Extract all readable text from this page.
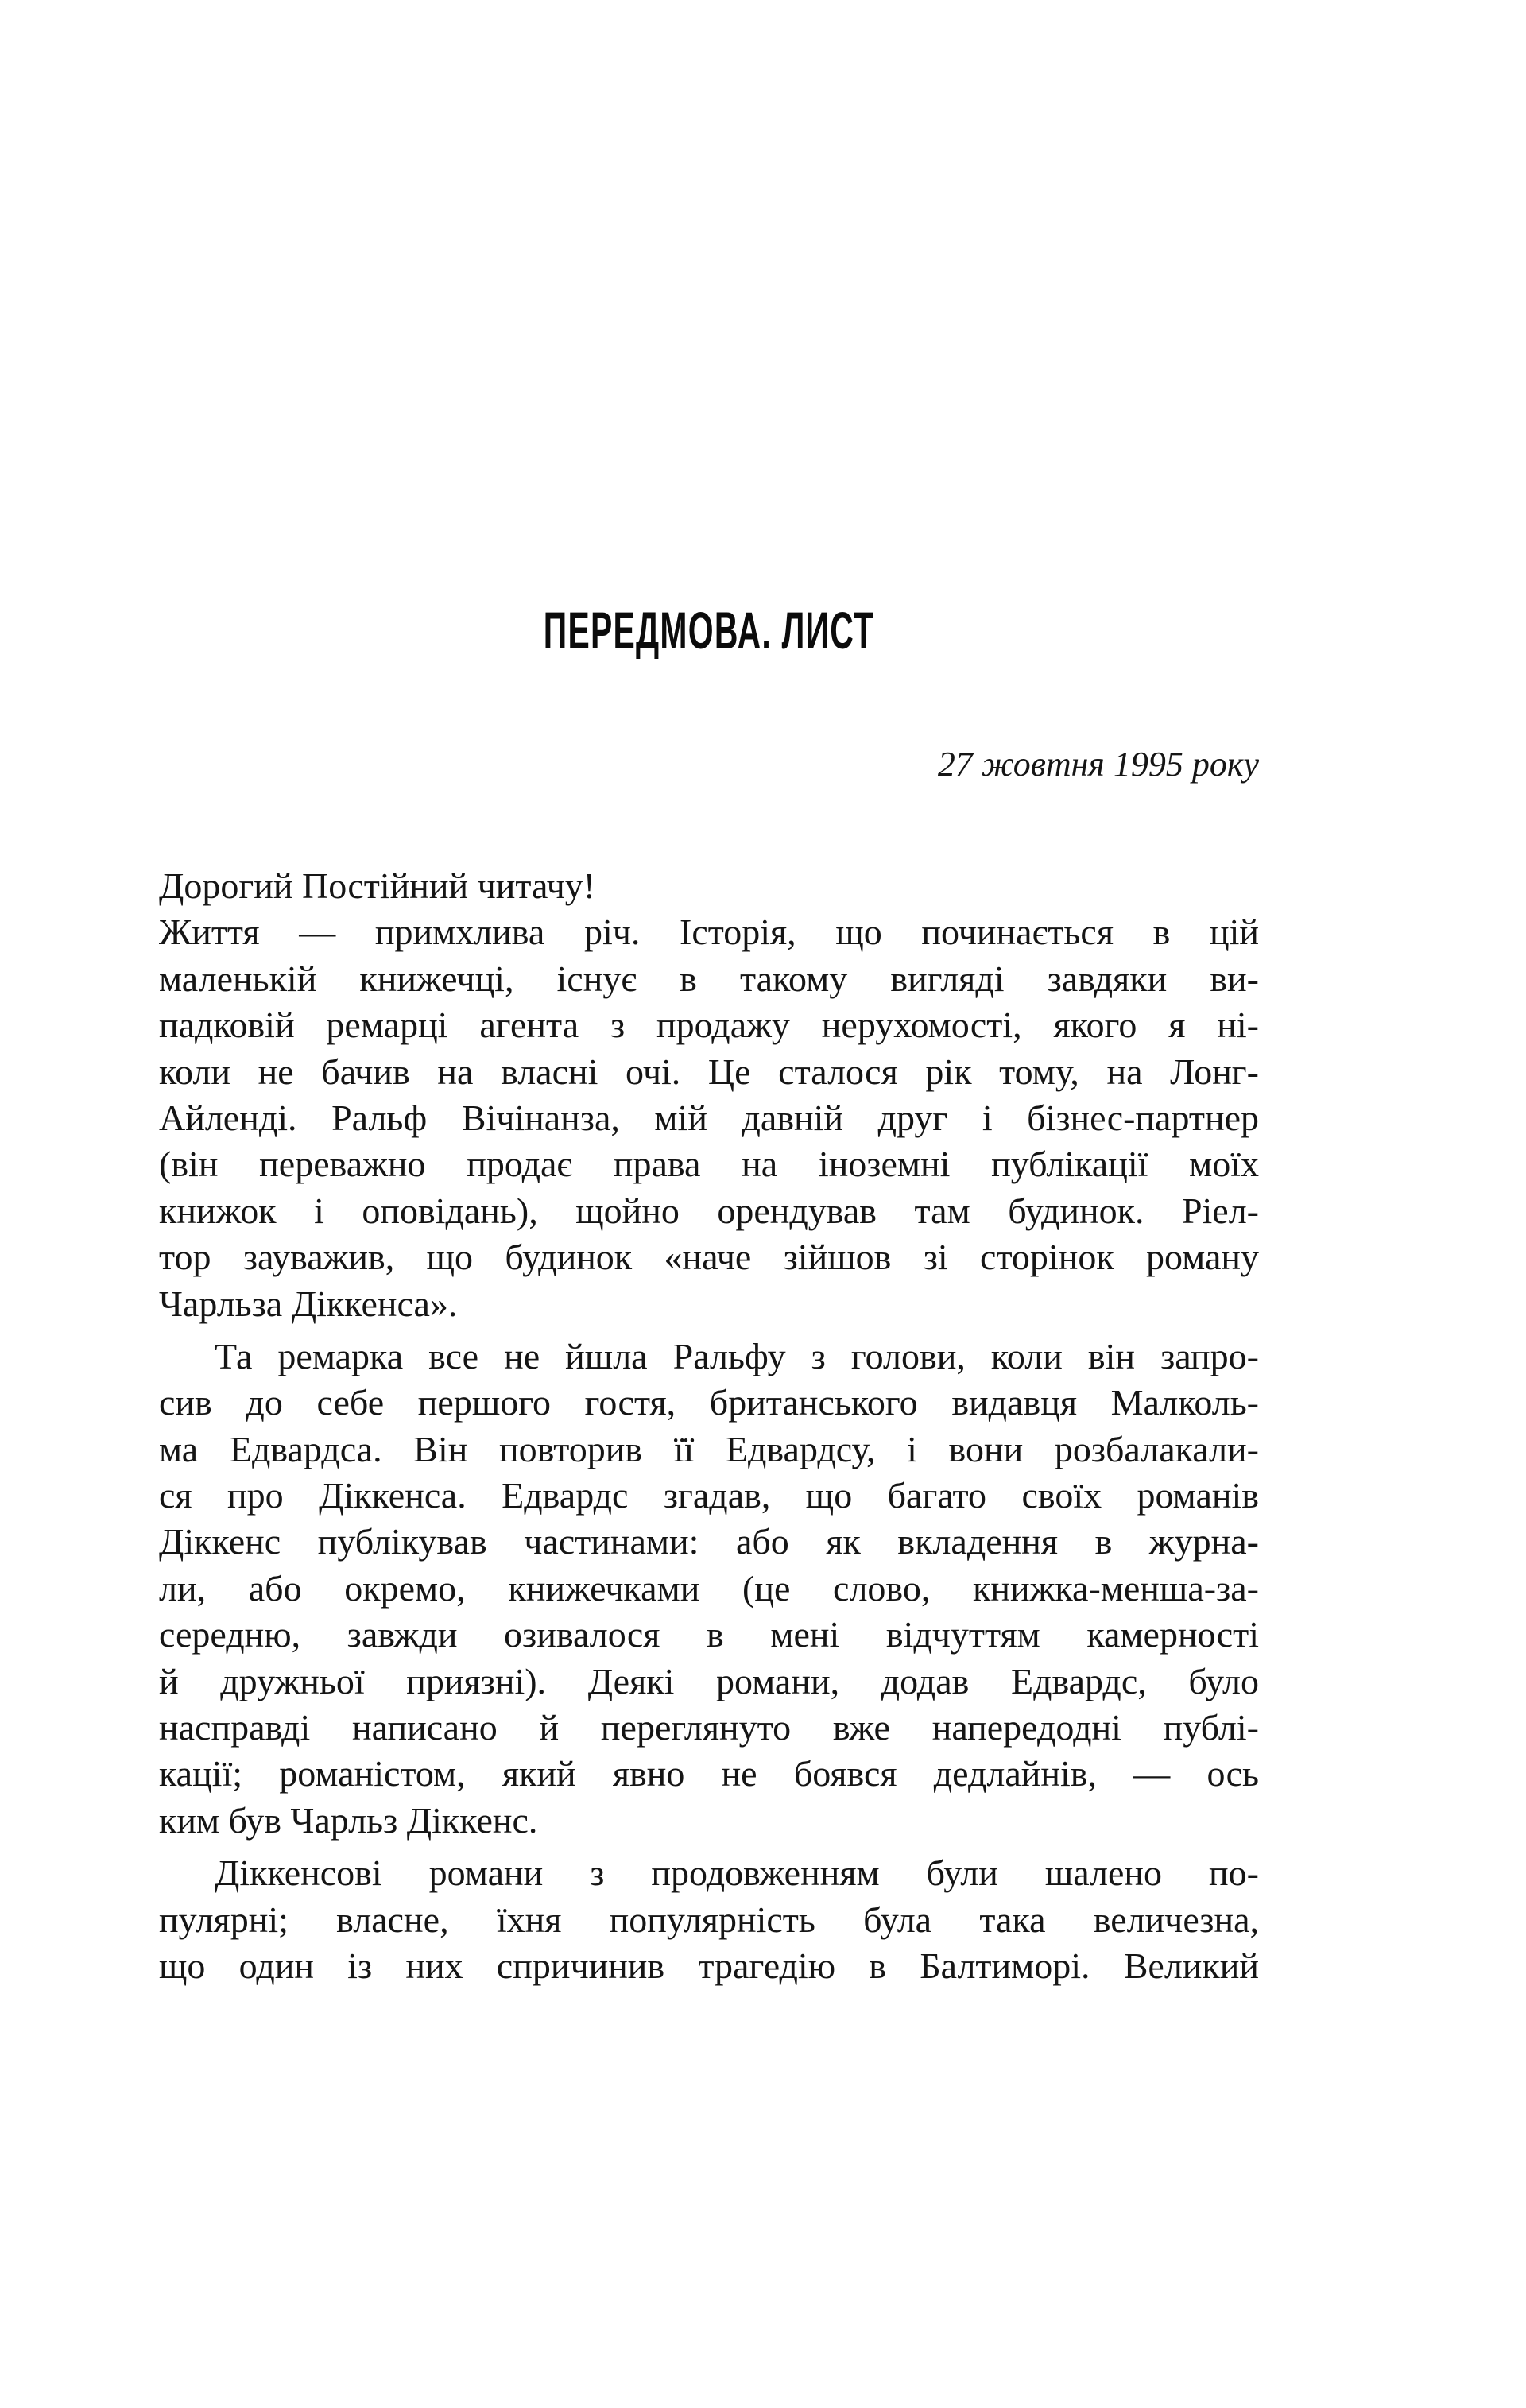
ПЕРЕДМОВА. ЛИСТ

27 жовтня 1995 року

Дорогий Постійний читачу!
Життя — примхлива річ. Історія, що починається в цій
маленькій книжечці, існує в такому вигляді завдяки ви-
падковій ремарці агента з продажу нерухомості, якого я ні-
коли не бачив на власні очі. Це сталося рік тому, на Лонг-
Айленді. Ральф Вічінанза, мій давній друг і бізнес-партнер
(він переважно продає права на іноземні публікації моїх
книжок і оповідань), щойно орендував там будинок. Ріел-
тор зауважив, що будинок «наче зійшов зі сторінок роману
Чарльза Діккенса».
Та ремарка все не йшла Ральфу з голови, коли він запро-
сив до себе першого гостя, британського видавця Малколь-
ма Едвардса. Він повторив її Едвардсу, і вони розбалакали-
ся про Діккенса. Едвардс згадав, що багато своїх романів
Діккенс публікував частинами: або як вкладення в журна-
ли, або окремо, книжечками (це слово, книжка-менша-за-
середню, завжди озивалося в мені відчуттям камерності
й дружньої приязні). Деякі романи, додав Едвардс, було
насправді написано й переглянуто вже напередодні публі-
кації; романістом, який явно не боявся дедлайнів, — ось
ким був Чарльз Діккенс.
Діккенсові романи з продовженням були шалено по-
пулярні; власне, їхня популярність була така величезна,
що один із них спричинив трагедію в Балтиморі. Великий
